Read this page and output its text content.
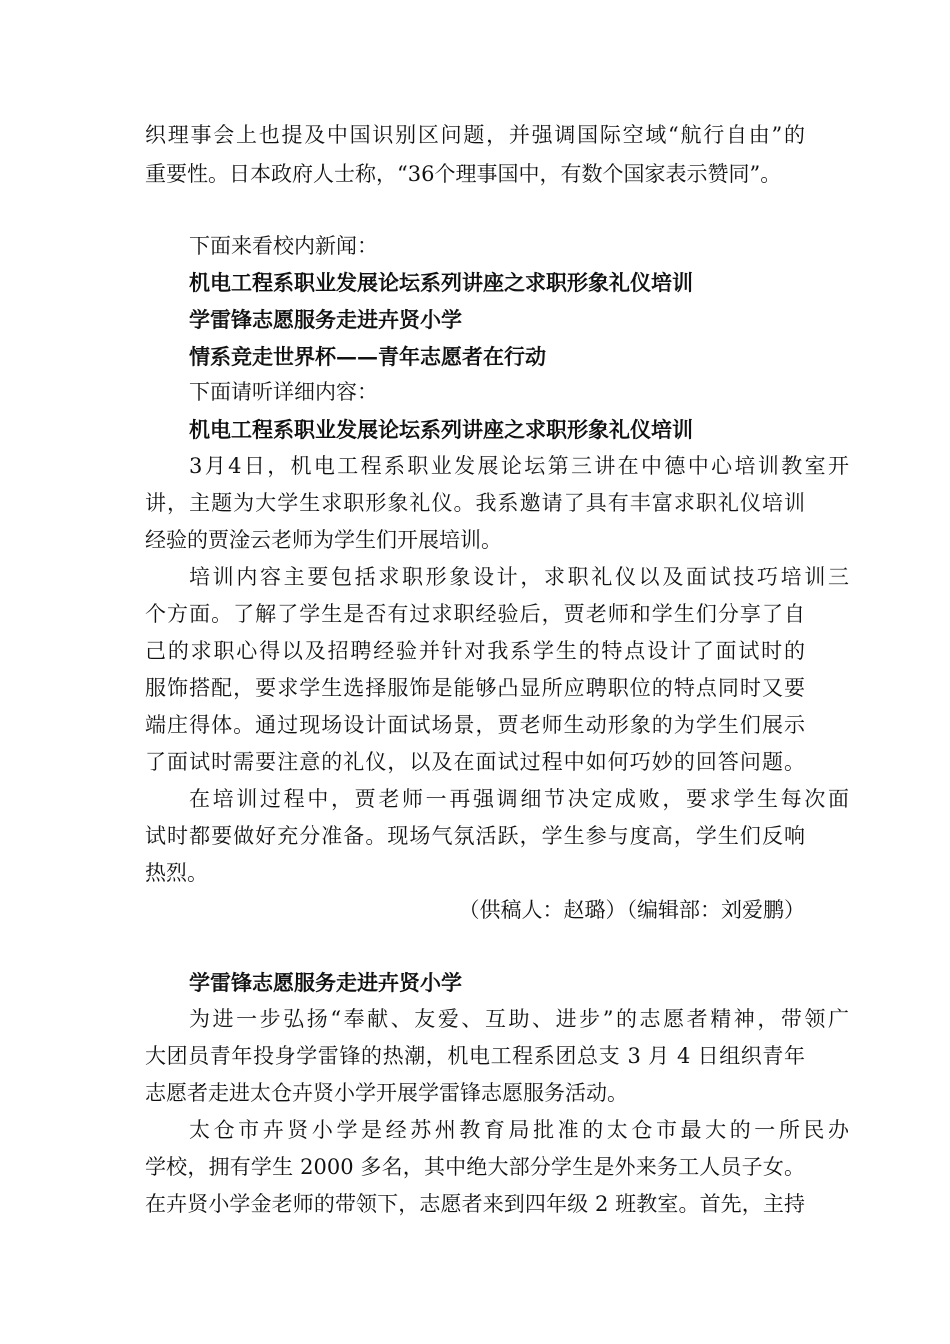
织理事会上也提及中国识别区问题，并强调国际空域“航行自由”的
重要性。日本政府人士称，“36个理事国中，有数个国家表示赞同”。
下面来看校内新闻：
机电工程系职业发展论坛系列讲座之求职形象礼仪培训
学雷锋志愿服务走进卉贤小学
情系竞走世界杯——青年志愿者在行动
下面请听详细内容：
机电工程系职业发展论坛系列讲座之求职形象礼仪培训
3月4日，机电工程系职业发展论坛第三讲在中德中心培训教室开
讲，主题为大学生求职形象礼仪。我系邀请了具有丰富求职礼仪培训
经验的贾淦云老师为学生们开展培训。
培训内容主要包括求职形象设计，求职礼仪以及面试技巧培训三
个方面。了解了学生是否有过求职经验后，贾老师和学生们分享了自
己的求职心得以及招聘经验并针对我系学生的特点设计了面试时的
服饰搭配，要求学生选择服饰是能够凸显所应聘职位的特点同时又要
端庄得体。通过现场设计面试场景，贾老师生动形象的为学生们展示
了面试时需要注意的礼仪，以及在面试过程中如何巧妙的回答问题。
在培训过程中，贾老师一再强调细节决定成败，要求学生每次面
试时都要做好充分准备。现场气氛活跃，学生参与度高，学生们反响
热烈。
（供稿人：赵璐）（编辑部：刘爱鹏）
学雷锋志愿服务走进卉贤小学
为进一步弘扬“奉献、友爱、互助、进步”的志愿者精神，带领广
大团员青年投身学雷锋的热潮，机电工程系团总支 3 月 4 日组织青年
志愿者走进太仓卉贤小学开展学雷锋志愿服务活动。
太仓市卉贤小学是经苏州教育局批准的太仓市最大的一所民办
学校，拥有学生 2000 多名，其中绝大部分学生是外来务工人员子女。
在卉贤小学金老师的带领下，志愿者来到四年级 2 班教室。首先，主持
